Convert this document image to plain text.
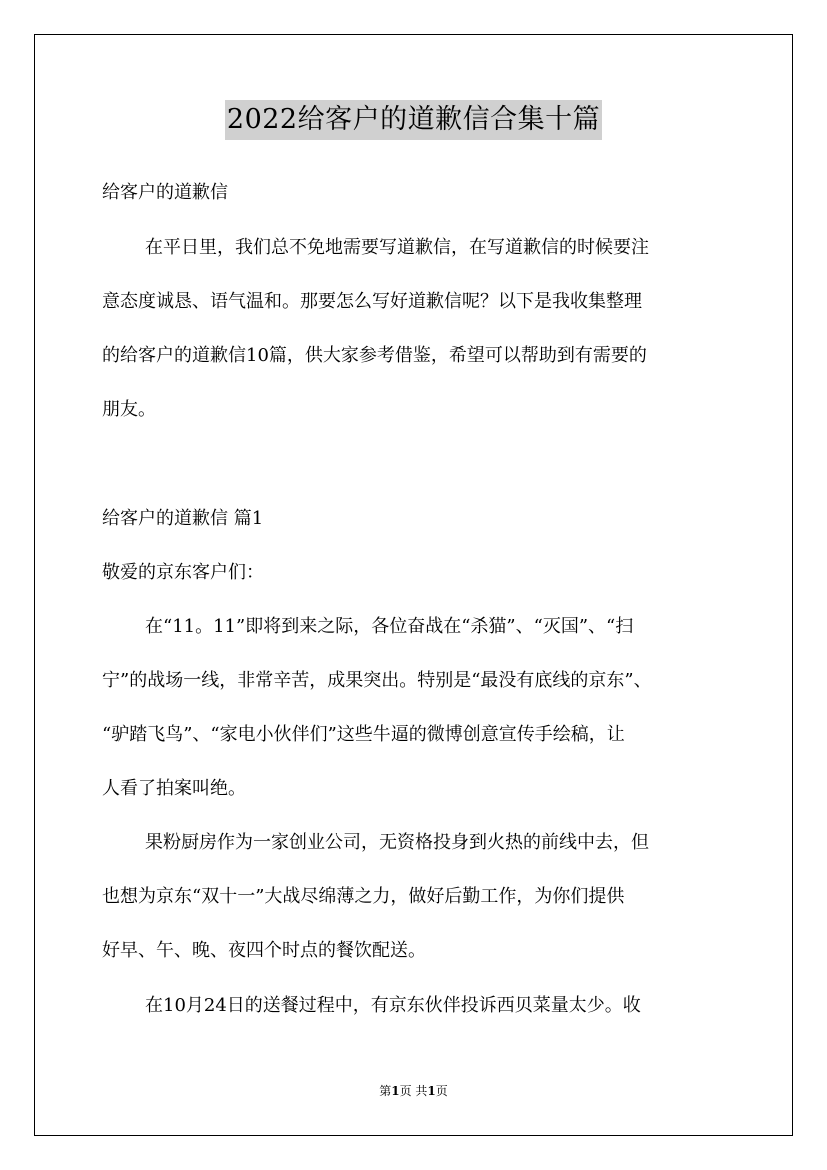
2022给客户的道歉信合集十篇
给客户的道歉信
在平日里，我们总不免地需要写道歉信，在写道歉信的时候要注
意态度诚恳、语气温和。那要怎么写好道歉信呢？以下是我收集整理
的给客户的道歉信10篇，供大家参考借鉴，希望可以帮助到有需要的
朋友。
给客户的道歉信 篇1
敬爱的京东客户们：
在“11。11”即将到来之际，各位奋战在“杀猫”、“灭国”、“扫
宁”的战场一线，非常辛苦，成果突出。特别是“最没有底线的京东”、
“驴踏飞鸟”、“家电小伙伴们”这些牛逼的微博创意宣传手绘稿，让
人看了拍案叫绝。
果粉厨房作为一家创业公司，无资格投身到火热的前线中去，但
也想为京东“双十一”大战尽绵薄之力，做好后勤工作，为你们提供
好早、午、晚、夜四个时点的餐饮配送。
在10月24日的送餐过程中，有京东伙伴投诉西贝菜量太少。收
第1页 共1页
